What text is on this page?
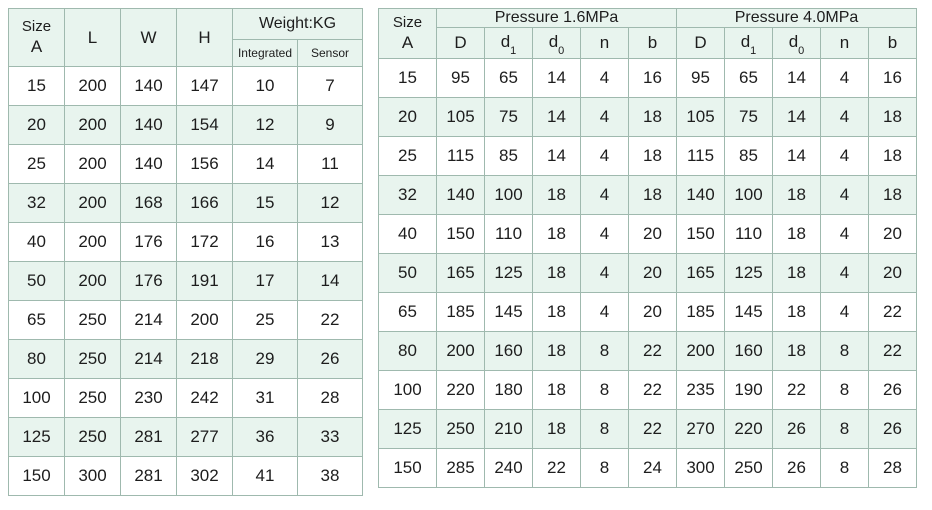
Size
A	L	W	H	Weight:KG	
				Integrated	Sensor
15	200	140	147	10	7
20	200	140	154	12	9
25	200	140	156	14	11
32	200	168	166	15	12
40	200	176	172	16	13
50	200	176	191	17	14
65	250	214	200	25	22
80	250	214	218	29	26
100	250	230	242	31	28
125	250	281	277	36	33
150	300	281	302	41	38
Size
A	Pressure 1.6MPa					Pressure 4.0MPa				
	D	$d_1$	$d_0$	n	b	D	$d_1$	$d_0$	n	b
15	95	65	14	4	16	95	65	14	4	16
20	105	75	14	4	18	105	75	14	4	18
25	115	85	14	4	18	115	85	14	4	18
32	140	100	18	4	18	140	100	18	4	18
40	150	110	18	4	20	150	110	18	4	20
50	165	125	18	4	20	165	125	18	4	20
65	185	145	18	4	20	185	145	18	4	22
80	200	160	18	8	22	200	160	18	8	22
100	220	180	18	8	22	235	190	22	8	26
125	250	210	18	8	22	270	220	26	8	26
150	285	240	22	8	24	300	250	26	8	28
